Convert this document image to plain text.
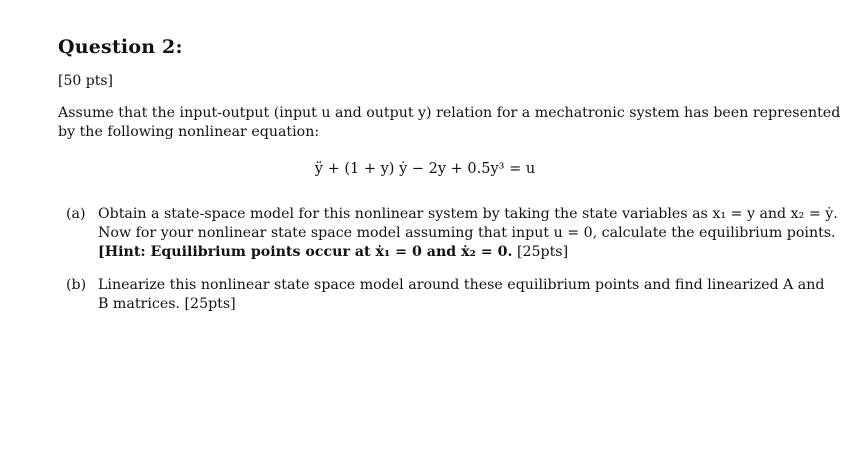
Question 2:
[50 pts]
Assume that the input-output (input u and output y) relation for a mechatronic system has been represented
by the following nonlinear equation:
ÿ + (1 + y) ẏ − 2y + 0.5y³ = u
(a) Obtain a state-space model for this nonlinear system by taking the state variables as x₁ = y and x₂ = ẏ.
Now for your nonlinear state space model assuming that input u = 0, calculate the equilibrium points.
[Hint: Equilibrium points occur at ẋ₁ = 0 and ẋ₂ = 0. [25pts]
(b) Linearize this nonlinear state space model around these equilibrium points and find linearized A and
B matrices. [25pts]
